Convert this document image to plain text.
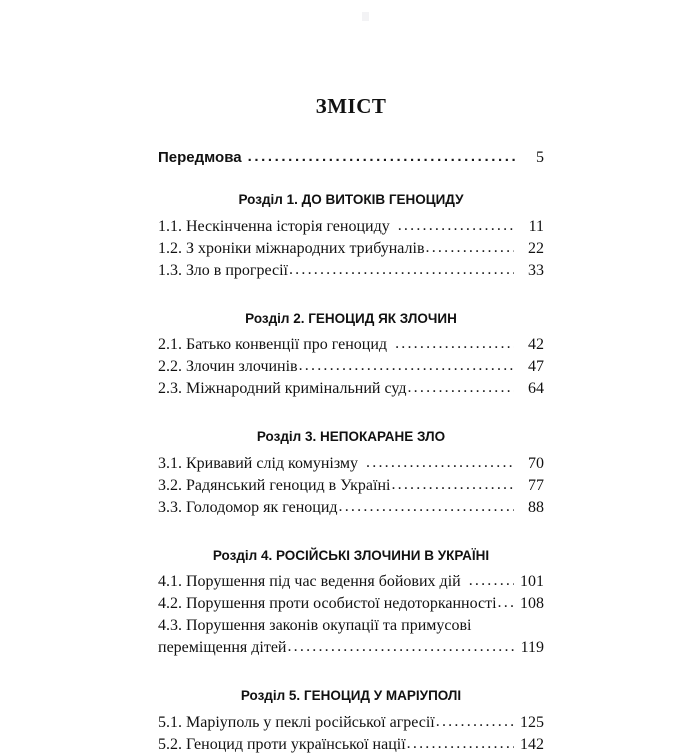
ЗМІСТ
Передмова .....	5
Розділ 1. ДО ВИТОКІВ ГЕНОЦИДУ
1.1. Нескінченна історія геноциду .....	11
1.2. З хроніки міжнародних трибуналів .....	22
1.3. Зло в прогресії .....	33
Розділ 2. ГЕНОЦИД ЯК ЗЛОЧИН
2.1. Батько конвенції про геноцид .....	42
2.2. Злочин злочинів .....	47
2.3. Міжнародний кримінальний суд .....	64
Розділ 3. НЕПОКАРАНЕ ЗЛО
3.1. Кривавий слід комунізму .....	70
3.2. Радянський геноцид в Україні .....	77
3.3. Голодомор як геноцид .....	88
Розділ 4. РОСІЙСЬКІ ЗЛОЧИНИ В УКРАЇНІ
4.1. Порушення під час ведення бойових дій .....	101
4.2. Порушення проти особистої недоторканності .....	108
4.3. Порушення законів окупації та примусові
переміщення дітей .....	119
Розділ 5. ГЕНОЦИД У МАРІУПОЛІ
5.1. Маріуполь у пеклі російської агресії .....	125
5.2. Геноцид проти української нації .....	142
